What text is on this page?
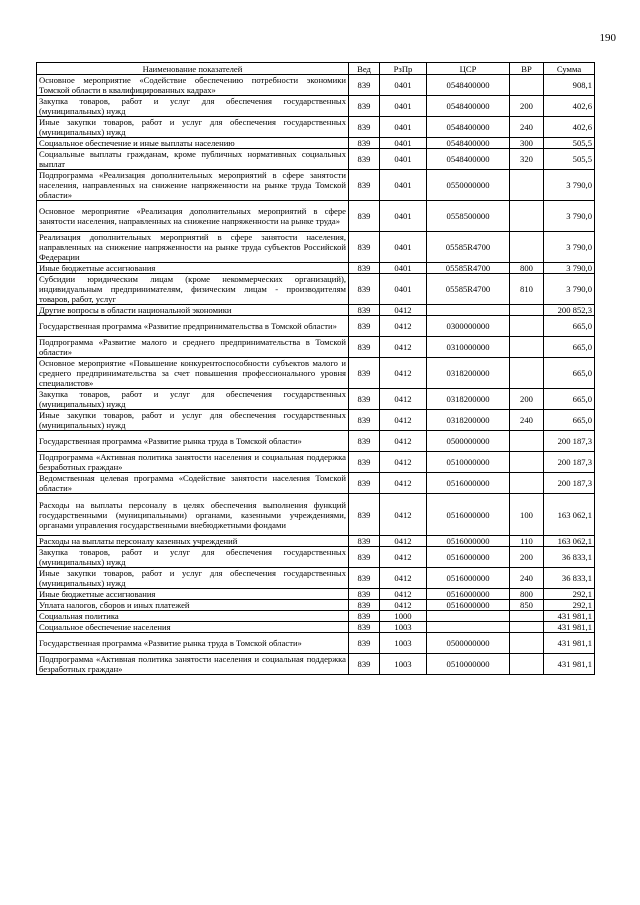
190
Наименование показателей	Вед	РзПр	ЦСР	ВР	Сумма
Основное мероприятие «Содействие обеспечению потребности экономики Томской области в квалифицированных кадрах»	839	0401	0548400000		908,1
Закупка товаров, работ и услуг для обеспечения государственных (муниципальных) нужд	839	0401	0548400000	200	402,6
Иные закупки товаров, работ и услуг для обеспечения государственных (муниципальных) нужд	839	0401	0548400000	240	402,6
Социальное обеспечение и иные выплаты населению	839	0401	0548400000	300	505,5
Социальные выплаты гражданам, кроме публичных нормативных социальных выплат	839	0401	0548400000	320	505,5
Подпрограмма «Реализация дополнительных мероприятий в сфере занятости населения, направленных на снижение напряженности на рынке труда Томской области»	839	0401	0550000000		3 790,0
Основное мероприятие «Реализация дополнительных мероприятий в сфере занятости населения, направленных на снижение напряженности на рынке труда»	839	0401	0558500000		3 790,0
Реализация дополнительных мероприятий в сфере занятости населения, направленных на снижение напряженности на рынке труда субъектов Российской Федерации	839	0401	05585R4700		3 790,0
Иные бюджетные ассигнования	839	0401	05585R4700	800	3 790,0
Субсидии юридическим лицам (кроме некоммерческих организаций), индивидуальным предпринимателям, физическим лицам - производителям товаров, работ, услуг	839	0401	05585R4700	810	3 790,0
Другие вопросы в области национальной экономики	839	0412			200 852,3
Государственная программа «Развитие предпринимательства в Томской области»	839	0412	0300000000		665,0
Подпрограмма «Развитие малого и среднего предпринимательства в Томской области»	839	0412	0310000000		665,0
Основное мероприятие «Повышение конкурентоспособности субъектов малого и среднего предпринимательства за счет повышения профессионального уровня специалистов»	839	0412	0318200000		665,0
Закупка товаров, работ и услуг для обеспечения государственных (муниципальных) нужд	839	0412	0318200000	200	665,0
Иные закупки товаров, работ и услуг для обеспечения государственных (муниципальных) нужд	839	0412	0318200000	240	665,0
Государственная программа «Развитие рынка труда в Томской области»	839	0412	0500000000		200 187,3
Подпрограмма «Активная политика занятости населения и социальная поддержка безработных граждан»	839	0412	0510000000		200 187,3
Ведомственная целевая программа «Содействие занятости населения Томской области»	839	0412	0516000000		200 187,3
Расходы на выплаты персоналу в целях обеспечения выполнения функций государственными (муниципальными) органами, казенными учреждениями, органами управления государственными внебюджетными фондами	839	0412	0516000000	100	163 062,1
Расходы на выплаты персоналу казенных учреждений	839	0412	0516000000	110	163 062,1
Закупка товаров, работ и услуг для обеспечения государственных (муниципальных) нужд	839	0412	0516000000	200	36 833,1
Иные закупки товаров, работ и услуг для обеспечения государственных (муниципальных) нужд	839	0412	0516000000	240	36 833,1
Иные бюджетные ассигнования	839	0412	0516000000	800	292,1
Уплата налогов, сборов и иных платежей	839	0412	0516000000	850	292,1
Социальная политика	839	1000			431 981,1
Социальное обеспечение населения	839	1003			431 981,1
Государственная программа «Развитие рынка труда в Томской области»	839	1003	0500000000		431 981,1
Подпрограмма «Активная политика занятости населения и социальная поддержка безработных граждан»	839	1003	0510000000		431 981,1
